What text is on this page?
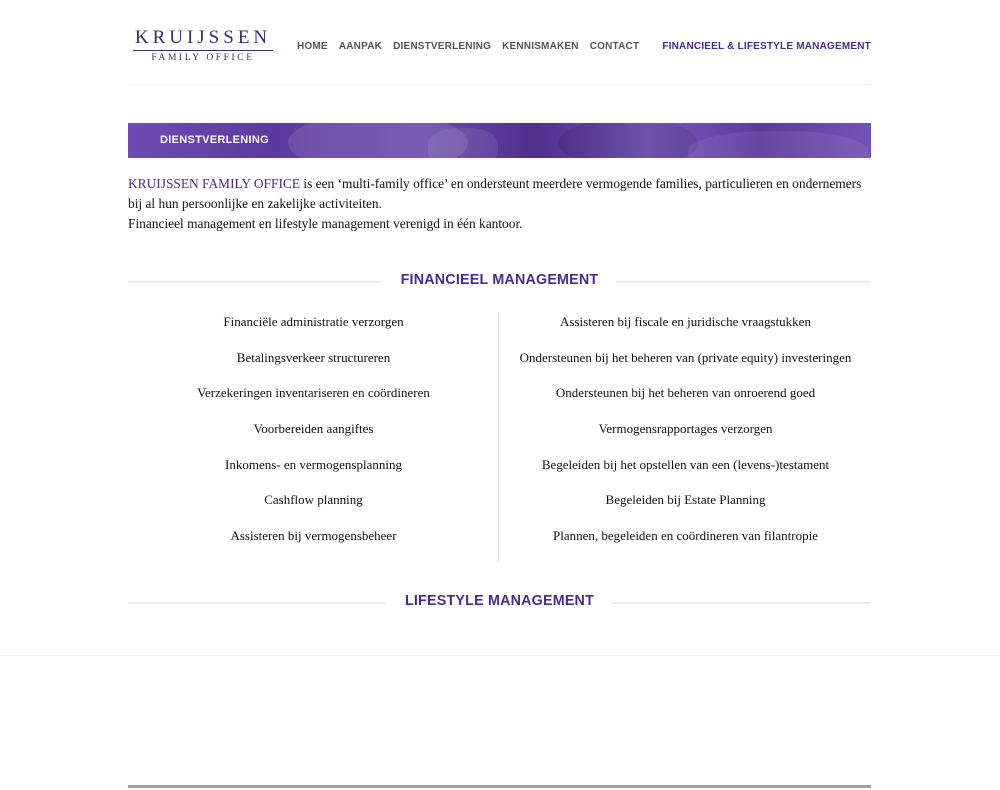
KRUIJSSEN
FAMILY OFFICE
HOME AANPAK DIENSTVERLENING KENNISMAKEN CONTACT FINANCIEEL & LIFESTYLE MANAGEMENT
DIENSTVERLENING
KRUIJSSEN FAMILY OFFICE is een ‘multi-family office’ en ondersteunt meerdere vermogende families, particulieren en ondernemers bij al hun persoonlijke en zakelijke activiteiten.
Financieel management en lifestyle management verenigd in één kantoor.
FINANCIEEL MANAGEMENT
Financiële administratie verzorgen
Betalingsverkeer structureren
Verzekeringen inventariseren en coördineren
Voorbereiden aangiftes
Inkomens- en vermogensplanning
Cashflow planning
Assisteren bij vermogensbeheer
Assisteren bij fiscale en juridische vraagstukken
Ondersteunen bij het beheren van (private equity) investeringen
Ondersteunen bij het beheren van onroerend goed
Vermogensrapportages verzorgen
Begeleiden bij het opstellen van een (levens-)testament
Begeleiden bij Estate Planning
Plannen, begeleiden en coördineren van filantropie
LIFESTYLE MANAGEMENT
